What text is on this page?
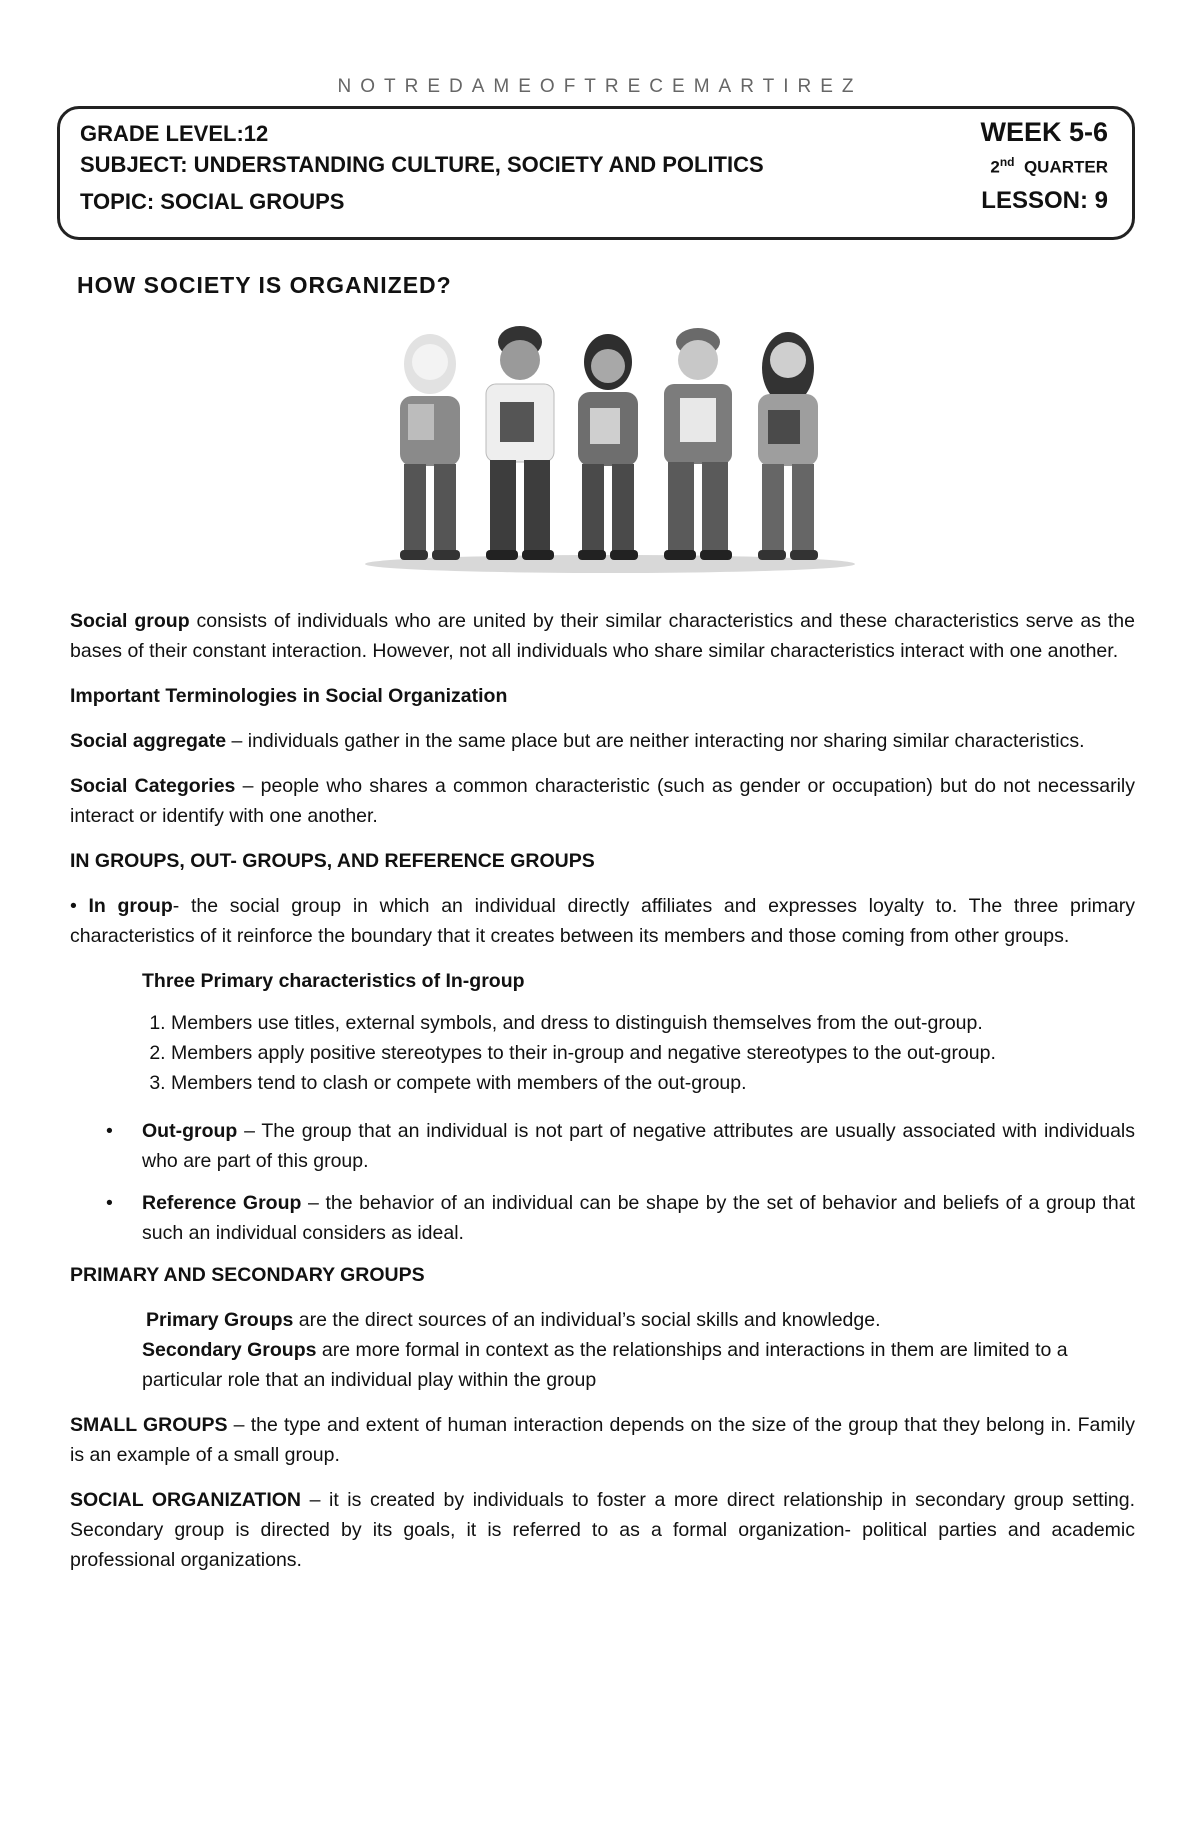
NOTREDAMEOFTRECEMARTIREZ
GRADE LEVEL:12
SUBJECT: UNDERSTANDING CULTURE, SOCIETY AND POLITICS
TOPIC: SOCIAL GROUPS
WEEK 5-6
2nd QUARTER
LESSON: 9
HOW SOCIETY IS ORGANIZED?

Social group consists of individuals who are united by their similar characteristics and these characteristics serve as the bases of their constant interaction. However, not all individuals who share similar characteristics interact with one another.

Important Terminologies in Social Organization

Social aggregate – individuals gather in the same place but are neither interacting nor sharing similar characteristics.

Social Categories – people who shares a common characteristic (such as gender or occupation) but do not necessarily interact or identify with one another.

IN GROUPS, OUT- GROUPS, AND REFERENCE GROUPS

• In group- the social group in which an individual directly affiliates and expresses loyalty to. The three primary characteristics of it reinforce the boundary that it creates between its members and those coming from other groups.

Three Primary characteristics of In-group
1. Members use titles, external symbols, and dress to distinguish themselves from the out-group.
2. Members apply positive stereotypes to their in-group and negative stereotypes to the out-group.
3. Members tend to clash or compete with members of the out-group.
• Out-group – The group that an individual is not part of negative attributes are usually associated with individuals who are part of this group.
• Reference Group – the behavior of an individual can be shape by the set of behavior and beliefs of a group that such an individual considers as ideal.
PRIMARY AND SECONDARY GROUPS

Primary Groups are the direct sources of an individual’s social skills and knowledge.

Secondary Groups are more formal in context as the relationships and interactions in them are limited to a particular role that an individual play within the group

SMALL GROUPS – the type and extent of human interaction depends on the size of the group that they belong in. Family is an example of a small group.

SOCIAL ORGANIZATION – it is created by individuals to foster a more direct relationship in secondary group setting. Secondary group is directed by its goals, it is referred to as a formal organization- political parties and academic professional organizations.
